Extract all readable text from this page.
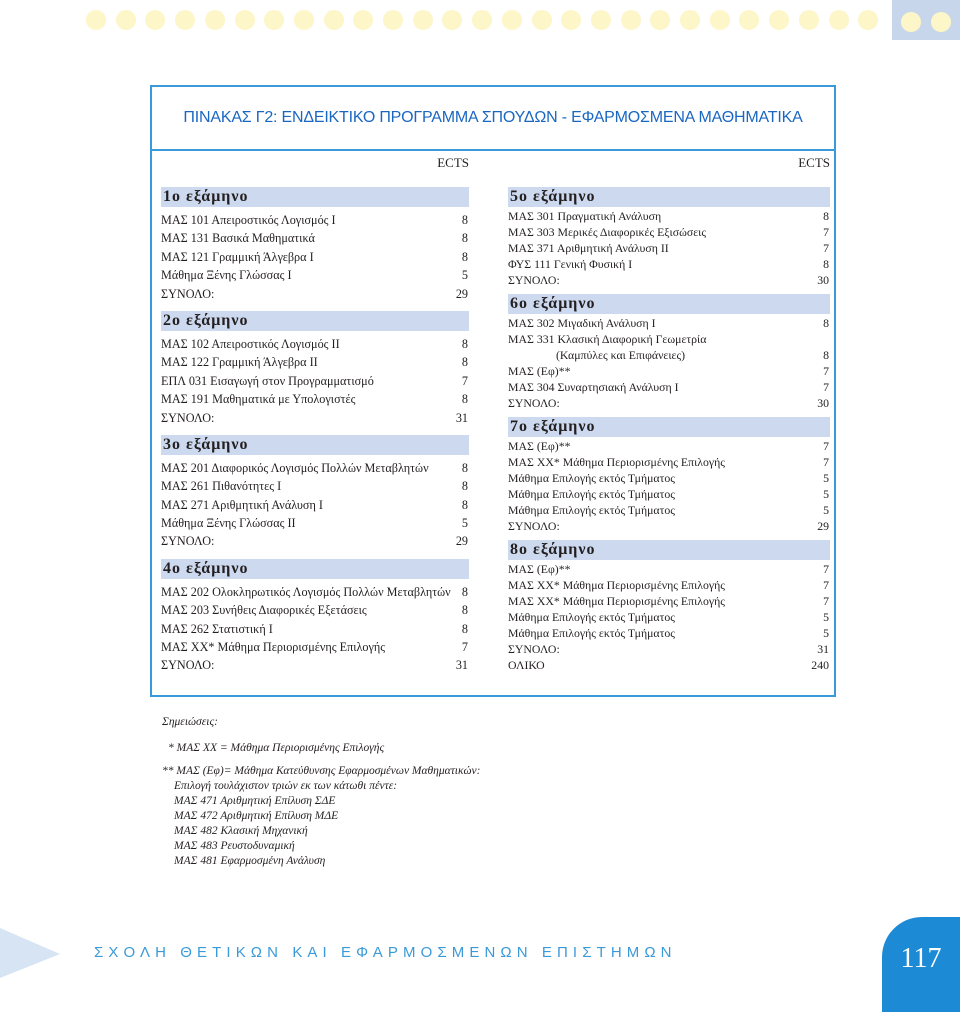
ΠΙΝΑΚΑΣ Γ2: ΕΝΔΕΙΚΤΙΚΟ ΠΡΟΓΡΑΜΜΑ ΣΠΟΥΔΩΝ - ΕΦΑΡΜΟΣΜΕΝΑ ΜΑΘΗΜΑΤΙΚΑ
ECTS
1ο εξάμηνο
ΜΑΣ 101 Απειροστικός Λογισμός Ι	8
ΜΑΣ 131 Βασικά Μαθηματικά	8
ΜΑΣ 121 Γραμμική Άλγεβρα Ι	8
Μάθημα Ξένης Γλώσσας Ι	5
ΣΥΝΟΛΟ:	29
2ο εξάμηνο
ΜΑΣ 102 Απειροστικός Λογισμός ΙΙ	8
ΜΑΣ 122 Γραμμική Άλγεβρα ΙΙ	8
ΕΠΛ 031 Εισαγωγή στον Προγραμματισμό	7
ΜΑΣ 191 Μαθηματικά με Υπολογιστές	8
ΣΥΝΟΛΟ:	31
3ο εξάμηνο
ΜΑΣ 201 Διαφορικός Λογισμός Πολλών Μεταβλητών	8
ΜΑΣ 261 Πιθανότητες Ι	8
ΜΑΣ 271 Αριθμητική Ανάλυση Ι	8
Μάθημα Ξένης Γλώσσας ΙΙ	5
ΣΥΝΟΛΟ:	29
4ο εξάμηνο
ΜΑΣ 202 Ολοκληρωτικός Λογισμός Πολλών Μεταβλητών 8
ΜΑΣ 203 Συνήθεις Διαφορικές Εξετάσεις	8
ΜΑΣ 262 Στατιστική Ι	8
ΜΑΣ ΧΧ* Μάθημα Περιορισμένης Επιλογής	7
ΣΥΝΟΛΟ:	31
ECTS
5ο εξάμηνο
ΜΑΣ 301 Πραγματική Ανάλυση	8
ΜΑΣ 303 Μερικές Διαφορικές Εξισώσεις	7
ΜΑΣ 371 Αριθμητική Ανάλυση ΙΙ	7
ΦΥΣ 111 Γενική Φυσική Ι	8
ΣΥΝΟΛΟ:	30
6ο εξάμηνο
ΜΑΣ 302 Μιγαδική Ανάλυση Ι	8
ΜΑΣ 331 Κλασική Διαφορική Γεωμετρία
(Καμπύλες και Επιφάνειες)	8
ΜΑΣ (Εφ)**	7
ΜΑΣ 304 Συναρτησιακή Ανάλυση Ι	7
ΣΥΝΟΛΟ:	30
7ο εξάμηνο
ΜΑΣ (Εφ)**	7
ΜΑΣ ΧΧ* Μάθημα Περιορισμένης Επιλογής	7
Μάθημα Επιλογής εκτός Τμήματος	5
Μάθημα Επιλογής εκτός Τμήματος	5
Μάθημα Επιλογής εκτός Τμήματος	5
ΣΥΝΟΛΟ:	29
8ο εξάμηνο
ΜΑΣ (Εφ)**	7
ΜΑΣ ΧΧ* Μάθημα Περιορισμένης Επιλογής	7
ΜΑΣ ΧΧ* Μάθημα Περιορισμένης Επιλογής	7
Μάθημα Επιλογής εκτός Τμήματος	5
Μάθημα Επιλογής εκτός Τμήματος	5
ΣΥΝΟΛΟ:	31
ΟΛΙΚΟ	240
Σημειώσεις:
* ΜΑΣ ΧΧ = Μάθημα Περιορισμένης Επιλογής
** ΜΑΣ (Εφ)= Μάθημα Κατεύθυνσης Εφαρμοσμένων Μαθηματικών:
Επιλογή τουλάχιστον τριών εκ των κάτωθι πέντε:
ΜΑΣ 471 Αριθμητική Επίλυση ΣΔΕ
ΜΑΣ 472 Αριθμητική Επίλυση ΜΔΕ
ΜΑΣ 482 Κλασική Μηχανική
ΜΑΣ 483 Ρευστοδυναμική
ΜΑΣ 481 Εφαρμοσμένη Ανάλυση
ΣΧΟΛΗ ΘΕΤΙΚΩΝ ΚΑΙ ΕΦΑΡΜΟΣΜΕΝΩΝ ΕΠΙΣΤΗΜΩΝ	117
